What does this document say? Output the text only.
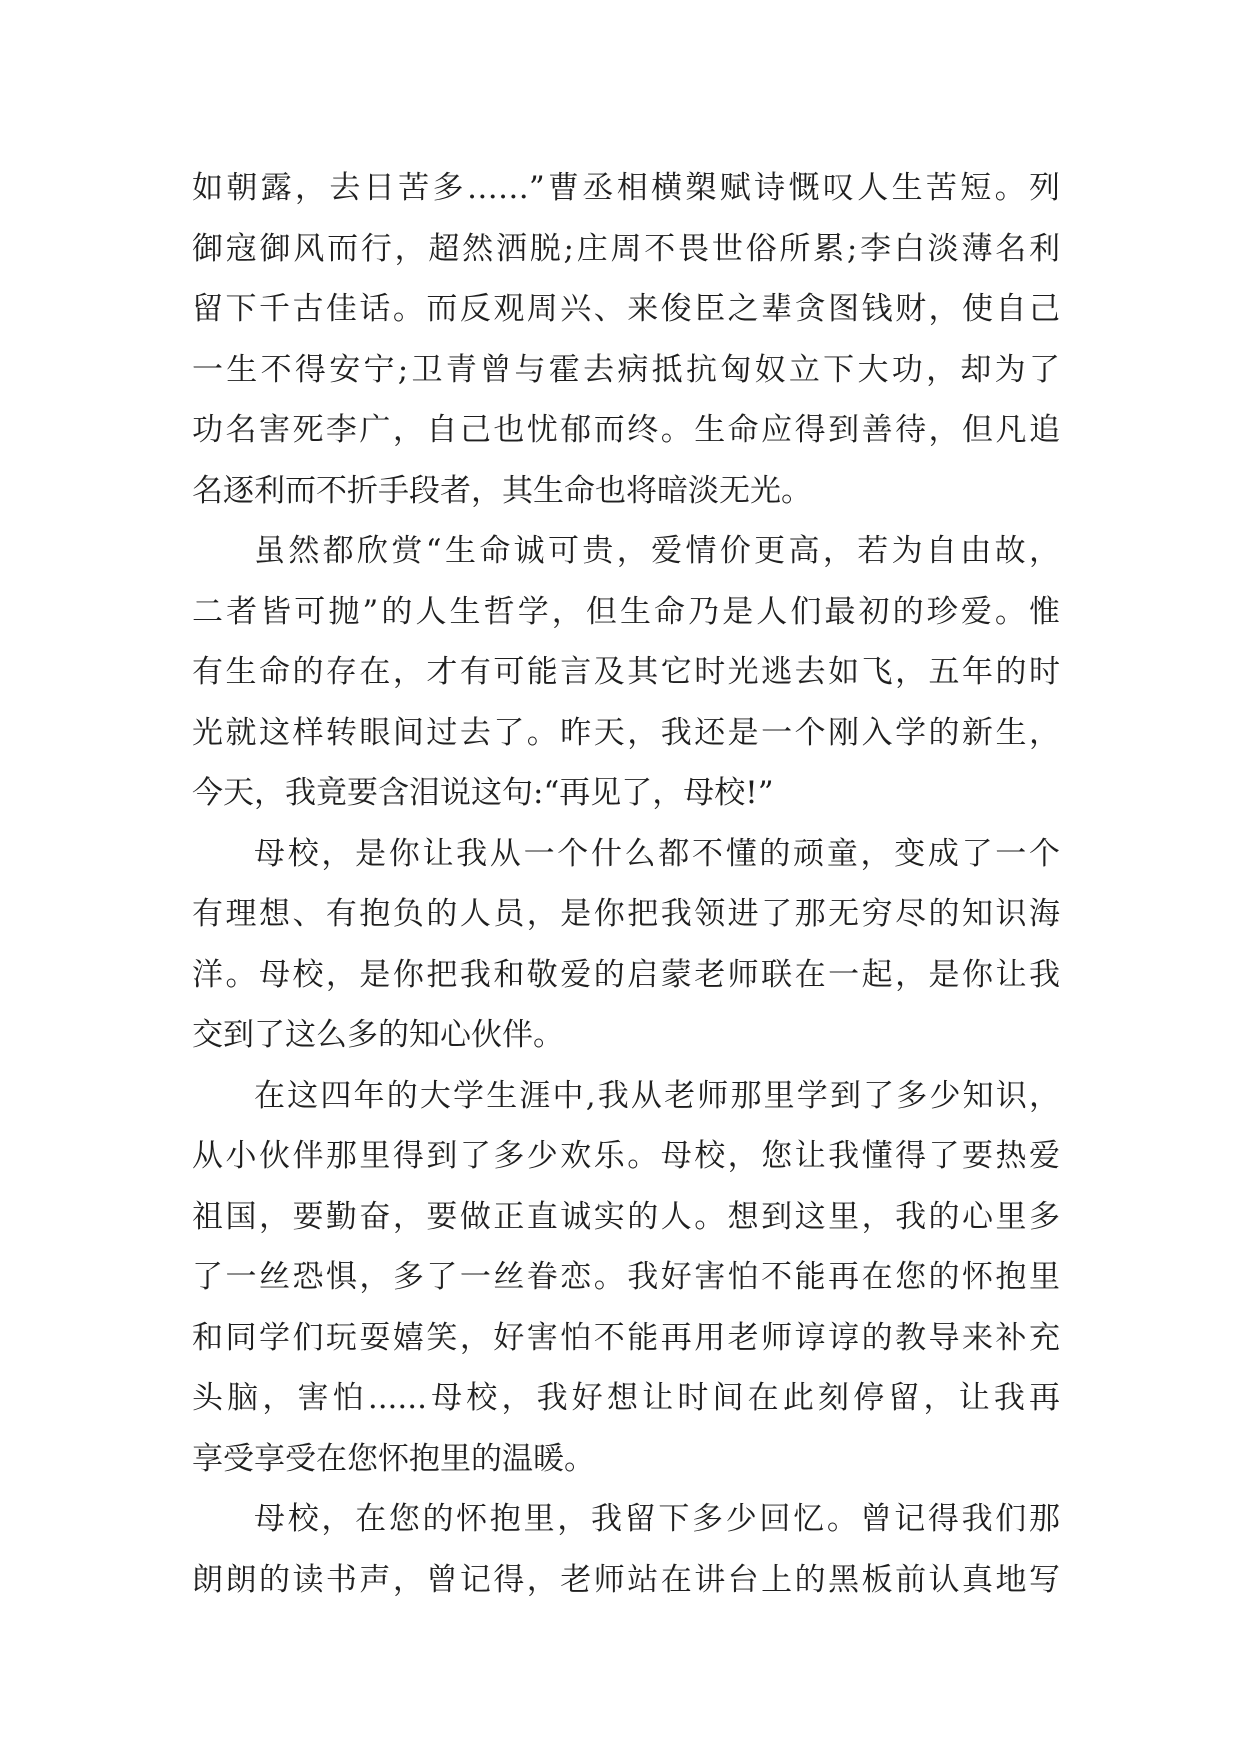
如朝露，去日苦多……”曹丞相横槊赋诗慨叹人生苦短。列
御寇御风而行，超然洒脱;庄周不畏世俗所累;李白淡薄名利
留下千古佳话。而反观周兴、来俊臣之辈贪图钱财，使自己
一生不得安宁;卫青曾与霍去病抵抗匈奴立下大功，却为了
功名害死李广，自己也忧郁而终。生命应得到善待，但凡追
名逐利而不折手段者，其生命也将暗淡无光。
虽然都欣赏“生命诚可贵，爱情价更高，若为自由故，
二者皆可抛”的人生哲学，但生命乃是人们最初的珍爱。惟
有生命的存在，才有可能言及其它时光逃去如飞，五年的时
光就这样转眼间过去了。昨天，我还是一个刚入学的新生，
今天，我竟要含泪说这句:“再见了，母校!”
母校，是你让我从一个什么都不懂的顽童，变成了一个
有理想、有抱负的人员，是你把我领进了那无穷尽的知识海
洋。母校，是你把我和敬爱的启蒙老师联在一起，是你让我
交到了这么多的知心伙伴。
在这四年的大学生涯中,我从老师那里学到了多少知识，
从小伙伴那里得到了多少欢乐。母校，您让我懂得了要热爱
祖国，要勤奋，要做正直诚实的人。想到这里，我的心里多
了一丝恐惧，多了一丝眷恋。我好害怕不能再在您的怀抱里
和同学们玩耍嬉笑，好害怕不能再用老师谆谆的教导来补充
头脑，害怕......母校，我好想让时间在此刻停留，让我再
享受享受在您怀抱里的温暖。
母校，在您的怀抱里，我留下多少回忆。曾记得我们那
朗朗的读书声，曾记得，老师站在讲台上的黑板前认真地写
